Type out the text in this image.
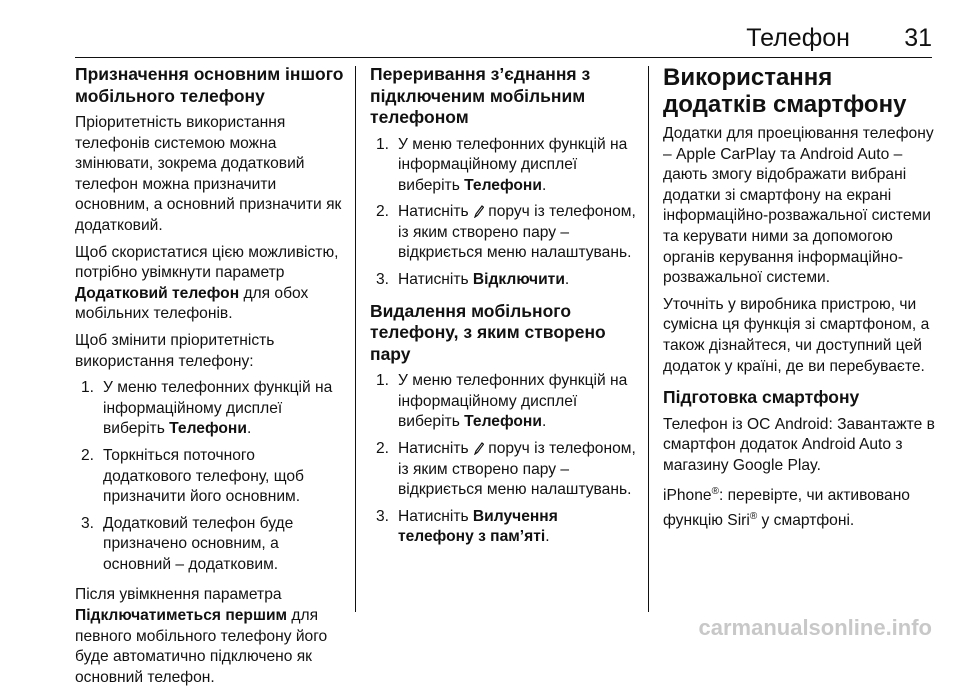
Телефон 31
Призначення основним іншого мобільного телефону

Пріоритетність використання телефонів системою можна змінювати, зокрема додатковий телефон можна призначити основним, а основний призначити як додатковий.

Щоб скористатися цією можливістю, потрібно увімкнути параметр Додатковий телефон для обох мобільних телефонів.

Щоб змінити пріоритетність використання телефону:

1. У меню телефонних функцій на інформаційному дисплеї виберіть Телефони.
2. Торкніться поточного додаткового телефону, щоб призначити його основним.
3. Додатковий телефон буде призначено основним, а основний – додатковим.

Після увімкнення параметра Підключатиметься першим для певного мобільного телефону його буде автоматично підключено як основний телефон.

Переривання з’єднання з підключеним мобільним телефоном
1. У меню телефонних функцій на інформаційному дисплеї виберіть Телефони.
2. Натисніть  поруч із телефоном, із яким створено пару – відкриється меню налаштувань.
3. Натисніть Відключити.
Видалення мобільного телефону, з яким створено пару
1. У меню телефонних функцій на інформаційному дисплеї виберіть Телефони.
2. Натисніть  поруч із телефоном, із яким створено пару – відкриється меню налаштувань.
3. Натисніть Вилучення телефону з пам’яті.
Використання додатків смартфону

Додатки для проеціювання телефону – Apple CarPlay та Android Auto – дають змогу відображати вибрані додатки зі смартфону на екрані інформаційно-розважальної системи та керувати ними за допомогою органів керування інформаційно-розважальної системи.

Уточніть у виробника пристрою, чи сумісна ця функція зі смартфоном, а також дізнайтеся, чи доступний цей додаток у країні, де ви перебуваєте.

Підготовка смартфону

Телефон із ОС Android: Завантажте в смартфон додаток Android Auto з магазину Google Play.

iPhone®: перевірте, чи активовано функцію Siri® у смартфоні.

carmanualsonline.info
